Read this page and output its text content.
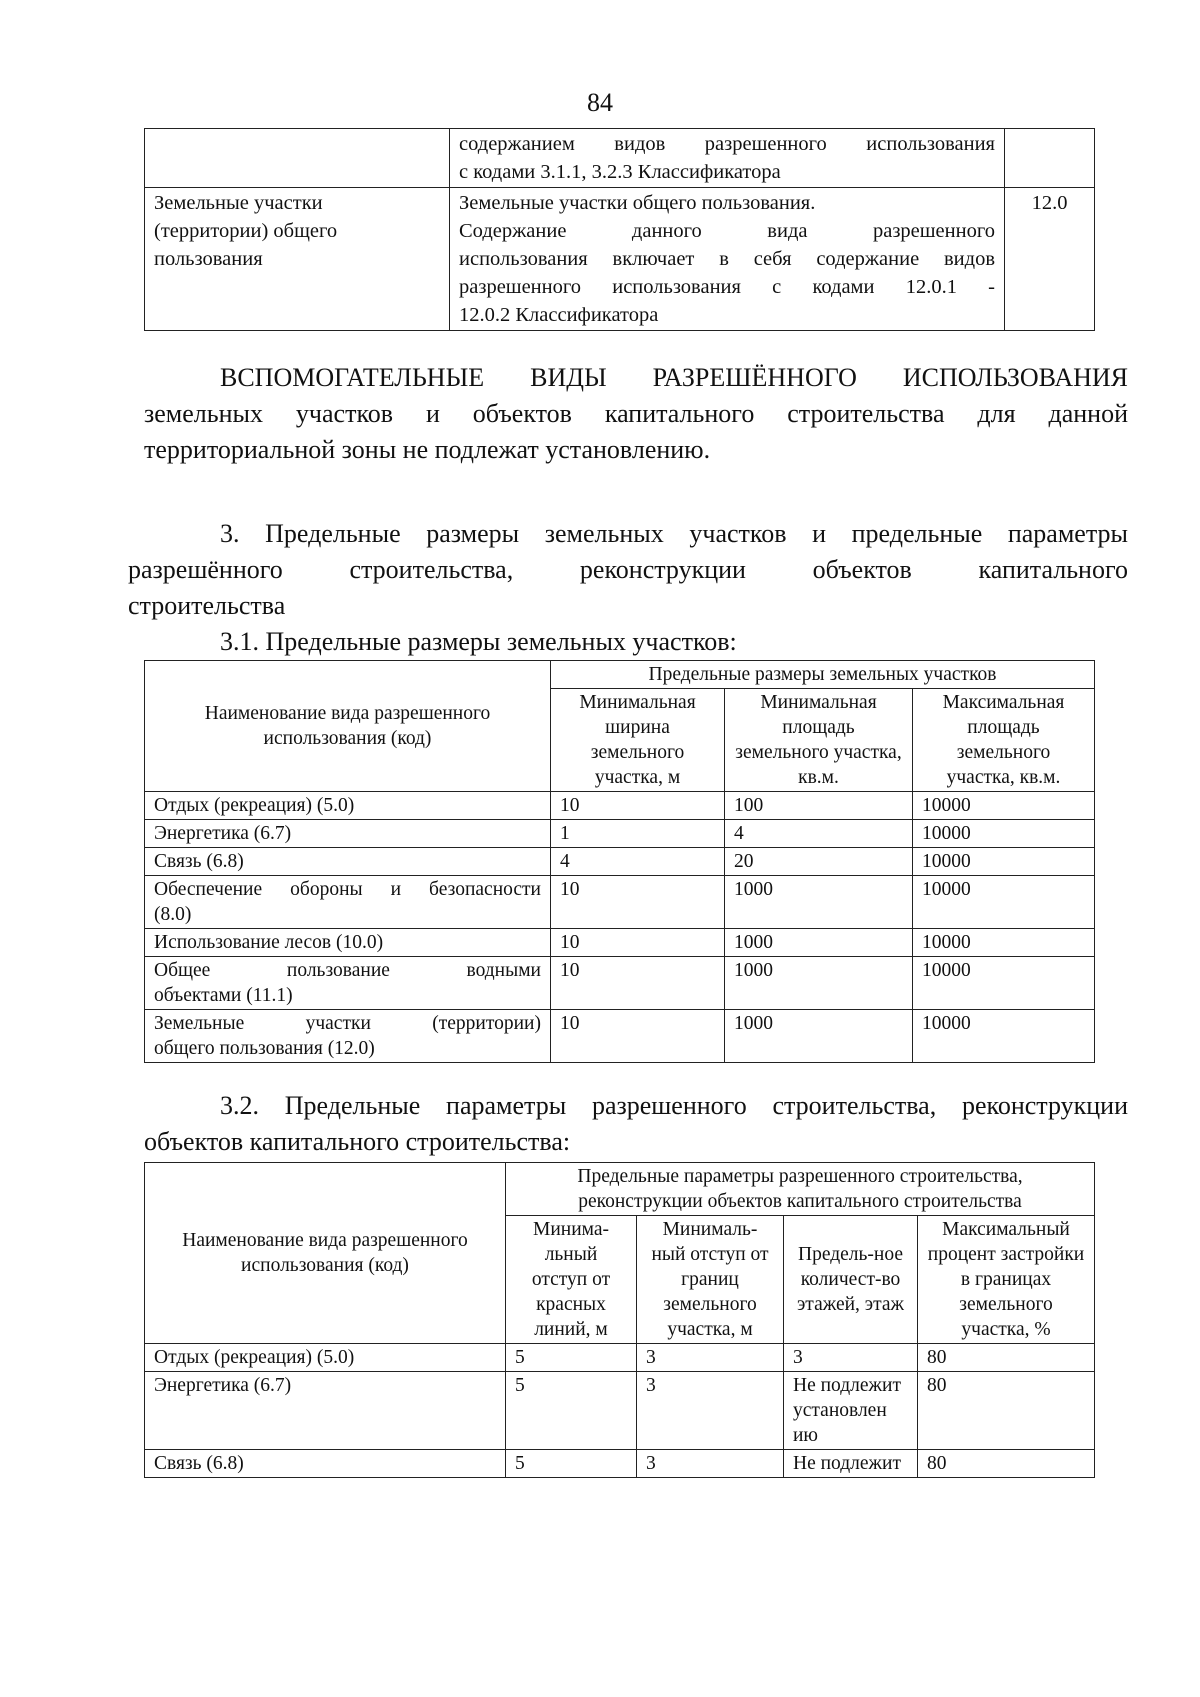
84

	содержанием видов разрешенного использования
с кодами 3.1.1, 3.2.3 Классификатора	

Земельные участки
(территории) общего
пользования	Земельные участки общего пользования.
Содержание данного вида разрешенного
использования включает в себя содержание видов
разрешенного использования с кодами 12.0.1 -
12.0.2 Классификатора	12.0
ВСПОМОГАТЕЛЬНЫЕ ВИДЫ РАЗРЕШЁННОГО ИСПОЛЬЗОВАНИЯ
земельных участков и объектов капитального строительства для данной
территориальной зоны не подлежат установлению.
3. Предельные размеры земельных участков и предельные параметры
разрешённого строительства, реконструкции объектов капитального
строительства
3.1. Предельные размеры земельных участков:
Наименование вида разрешенного использования (код)	Предельные размеры земельных участков		
	Минимальная ширина земельного участка, м	Минимальная площадь земельного участка, кв.м.	Максимальная площадь земельного участка, кв.м.
Отдых (рекреация) (5.0)	10	100	10000
Энергетика (6.7)	1	4	10000
Связь (6.8)	4	20	10000

Обеспечение обороны и безопасности
(8.0)	10	1000	10000
Использование лесов (10.0)	10	1000	10000

Общее пользование водными
объектами (11.1)	10	1000	10000

Земельные участки (территории)
общего пользования (12.0)	10	1000	10000
3.2. Предельные параметры разрешенного строительства, реконструкции
объектов капитального строительства:
Наименование вида разрешенного использования (код)	Предельные параметры разрешенного строительства, реконструкции объектов капитального строительства			
	Минима-льный отступ от красных линий, м	Минималь-ный отступ от границ земельного участка, м	Предель-ное количест-во этажей, этаж	Максимальный процент застройки в границах земельного участка, %
Отдых (рекреация) (5.0)	5	3	3	80
Энергетика (6.7)	5	3	Не подлежит установлен ию	80
Связь (6.8)	5	3	Не подлежит	80
